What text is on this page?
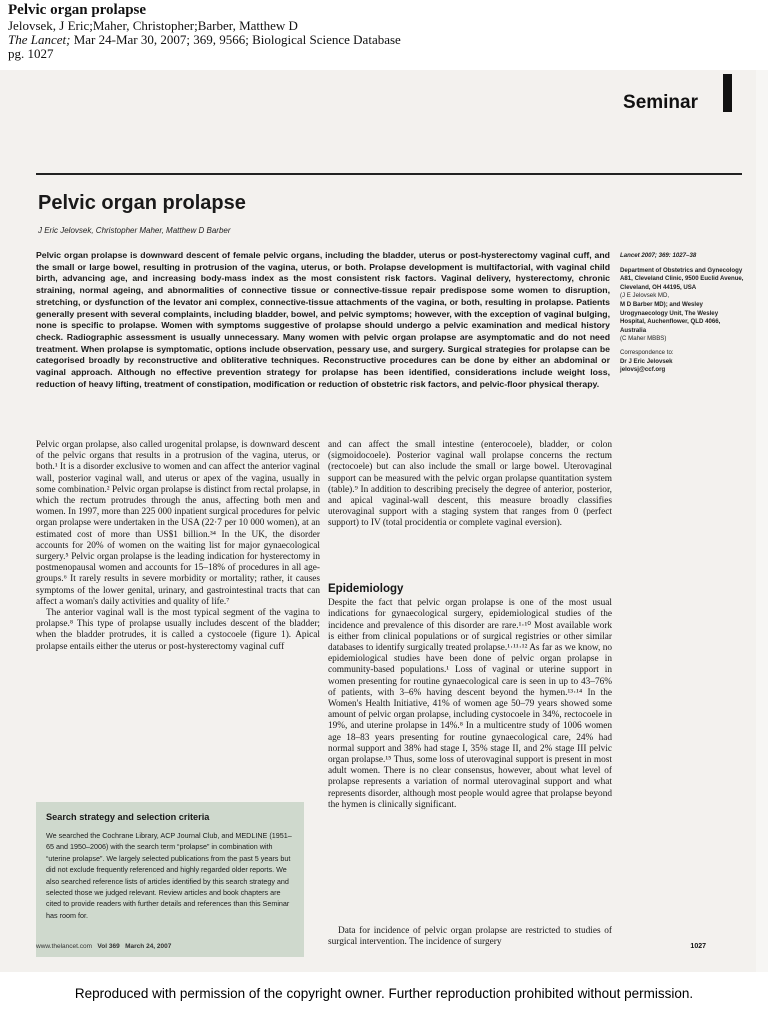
Pelvic organ prolapse
Jelovsek, J Eric;Maher, Christopher;Barber, Matthew D
The Lancet; Mar 24-Mar 30, 2007; 369, 9566; Biological Science Database
pg. 1027
Seminar
Pelvic organ prolapse
J Eric Jelovsek, Christopher Maher, Matthew D Barber
Pelvic organ prolapse is downward descent of female pelvic organs, including the bladder, uterus or post-hysterectomy vaginal cuff, and the small or large bowel, resulting in protrusion of the vagina, uterus, or both. Prolapse development is multifactorial, with vaginal child birth, advancing age, and increasing body-mass index as the most consistent risk factors. Vaginal delivery, hysterectomy, chronic straining, normal ageing, and abnormalities of connective tissue or connective-tissue repair predispose some women to disruption, stretching, or dysfunction of the levator ani complex, connective-tissue attachments of the vagina, or both, resulting in prolapse. Patients generally present with several complaints, including bladder, bowel, and pelvic symptoms; however, with the exception of vaginal bulging, none is specific to prolapse. Women with symptoms suggestive of prolapse should undergo a pelvic examination and medical history check. Radiographic assessment is usually unnecessary. Many women with pelvic organ prolapse are asymptomatic and do not need treatment. When prolapse is symptomatic, options include observation, pessary use, and surgery. Surgical strategies for prolapse can be categorised broadly by reconstructive and obliterative techniques. Reconstructive procedures can be done by either an abdominal or vaginal approach. Although no effective prevention strategy for prolapse has been identified, considerations include weight loss, reduction of heavy lifting, treatment of constipation, modification or reduction of obstetric risk factors, and pelvic-floor physical therapy.
Lancet 2007; 369: 1027–38
Department of Obstetrics and Gynecology A81, Cleveland Clinic, 9500 Euclid Avenue, Cleveland, OH 44195, USA
(J E Jelovsek MD,
M D Barber MD); and Wesley Urogynaecology Unit, The Wesley Hospital, Auchenflower, QLD 4066, Australia
(C Maher MBBS)
Correspondence to:
Dr J Eric Jelovsek
jelovsj@ccf.org

Pelvic organ prolapse, also called urogenital prolapse, is downward descent of the pelvic organs that results in a protrusion of the vagina, uterus, or both.¹ It is a disorder exclusive to women and can affect the anterior vaginal wall, posterior vaginal wall, and uterus or apex of the vagina, usually in some combination.² Pelvic organ prolapse is distinct from rectal prolapse, in which the rectum protrudes through the anus, affecting both men and women. In 1997, more than 225 000 inpatient surgical procedures for pelvic organ prolapse were undertaken in the USA (22·7 per 10 000 women), at an estimated cost of more than US$1 billion.³⁴ In the UK, the disorder accounts for 20% of women on the waiting list for major gynaecological surgery.⁵ Pelvic organ prolapse is the leading indication for hysterectomy in postmenopausal women and accounts for 15–18% of procedures in all age-groups.⁶ It rarely results in severe morbidity or mortality; rather, it causes symptoms of the lower genital, urinary, and gastrointestinal tracts that can affect a woman's daily activities and quality of life.⁷

The anterior vaginal wall is the most typical segment of the vagina to prolapse.⁸ This type of prolapse usually includes descent of the bladder; when the bladder protrudes, it is called a cystocoele (figure 1). Apical prolapse entails either the uterus or post-hysterectomy vaginal cuff

and can affect the small intestine (enterocoele), bladder, or colon (sigmoidocoele). Posterior vaginal wall prolapse concerns the rectum (rectocoele) but can also include the small or large bowel. Uterovaginal support can be measured with the pelvic organ prolapse quantitation system (table).⁹ In addition to describing precisely the degree of anterior, posterior, and apical vaginal-wall descent, this measure broadly classifies uterovaginal support with a staging system that ranges from 0 (perfect support) to IV (total procidentia or complete vaginal eversion).
Epidemiology
Despite the fact that pelvic organ prolapse is one of the most usual indications for gynaecological surgery, epidemiological studies of the incidence and prevalence of this disorder are rare.¹·¹⁰ Most available work is either from clinical populations or of surgical registries or other similar databases to identify surgically treated prolapse.¹·¹¹·¹² As far as we know, no epidemiological studies have been done of pelvic organ prolapse in community-based populations.¹ Loss of vaginal or uterine support in women presenting for routine gynaecological care is seen in up to 43–76% of patients, with 3–6% having descent beyond the hymen.¹³·¹⁴ In the Women's Health Initiative, 41% of women age 50–79 years showed some amount of pelvic organ prolapse, including cystocoele in 34%, rectocoele in 19%, and uterine prolapse in 14%.⁸ In a multicentre study of 1006 women age 18–83 years presenting for routine gynaecological care, 24% had normal support and 38% had stage I, 35% stage II, and 2% stage III pelvic organ prolapse.¹⁵ Thus, some loss of uterovaginal support is present in most adult women. There is no clear consensus, however, about what level of prolapse represents a variation of normal uterovaginal support and what represents disorder, although most people would agree that prolapse beyond the hymen is clinically significant.

Data for incidence of pelvic organ prolapse are restricted to studies of surgical intervention. The incidence of surgery

Search strategy and selection criteria
We searched the Cochrane Library, ACP Journal Club, and MEDLINE (1951–65 and 1950–2006) with the search term “prolapse” in combination with “uterine prolapse”. We largely selected publications from the past 5 years but did not exclude frequently referenced and highly regarded older reports. We also searched reference lists of articles identified by this search strategy and selected those we judged relevant. Review articles and book chapters are cited to provide readers with further details and references than this Seminar has room for.
www.thelancet.com Vol 369 March 24, 2007	1027
Reproduced with permission of the copyright owner. Further reproduction prohibited without permission.
